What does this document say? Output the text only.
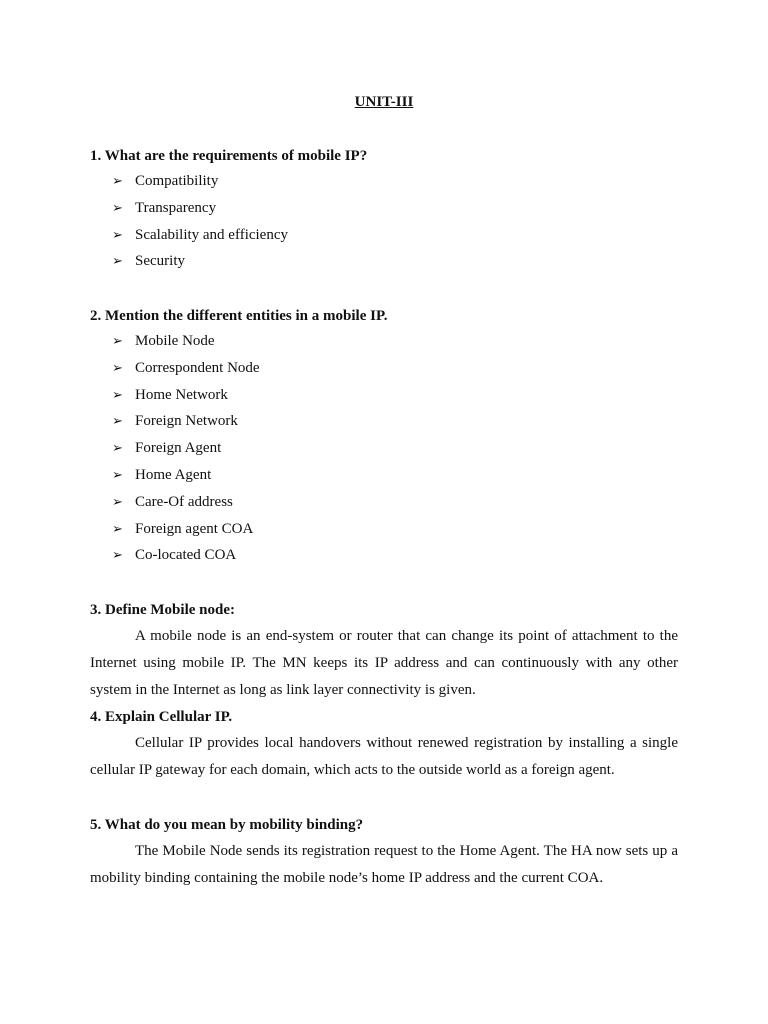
UNIT-III

1. What are the requirements of mobile IP?

➢ Compatibility
➢ Transparency
➢ Scalability and efficiency
➢ Security

2. Mention the different entities in a mobile IP.

➢ Mobile Node
➢ Correspondent Node
➢ Home Network
➢ Foreign Network
➢ Foreign Agent
➢ Home Agent
➢ Care-Of address
➢ Foreign agent COA
➢ Co-located COA

3. Define Mobile node:

A mobile node is an end-system or router that can change its point of attachment to the Internet using mobile IP. The MN keeps its IP address and can continuously with any other system in the Internet as long as link layer connectivity is given.

4. Explain Cellular IP.

Cellular IP provides local handovers without renewed registration by installing a single cellular IP gateway for each domain, which acts to the outside world as a foreign agent.

5. What do you mean by mobility binding?

The Mobile Node sends its registration request to the Home Agent. The HA now sets up a mobility binding containing the mobile node’s home IP address and the current COA.
